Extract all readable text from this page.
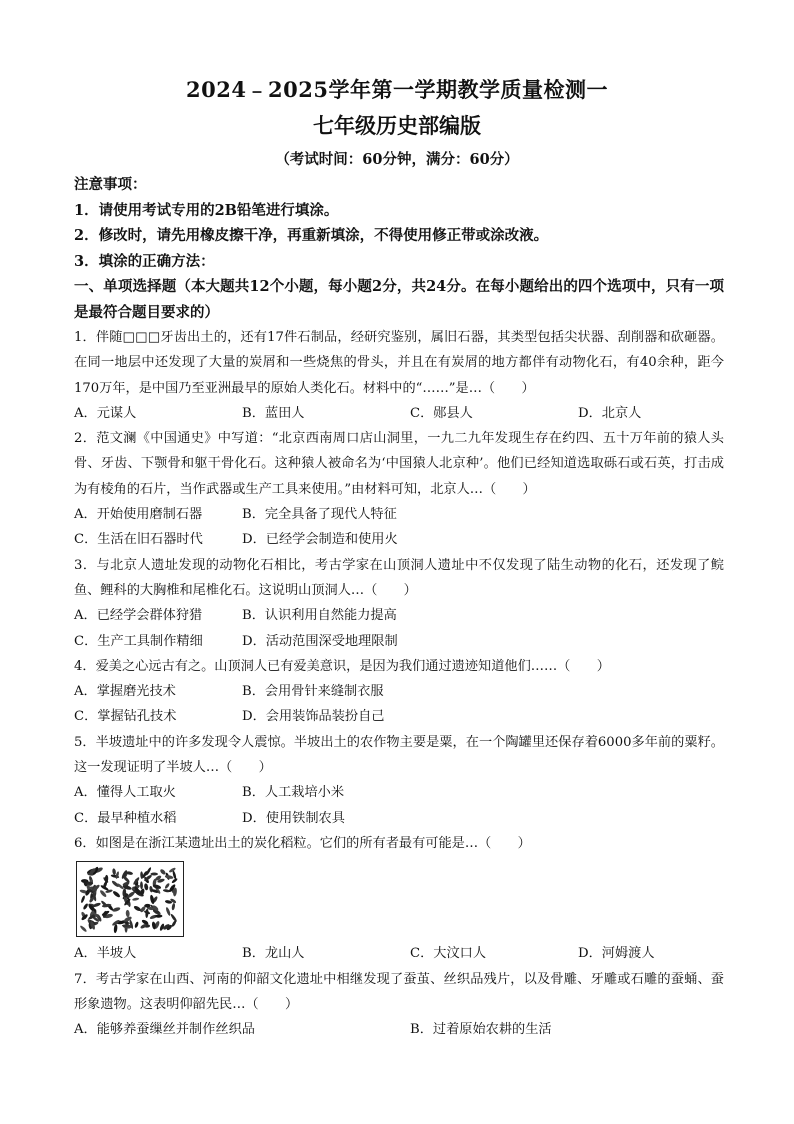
2024﹣2025学年第一学期教学质量检测一
七年级历史部编版
（考试时间：60分钟，满分：60分）
注意事项：
1．请使用考试专用的2B铅笔进行填涂。
2．修改时，请先用橡皮擦干净，再重新填涂，不得使用修正带或涂改液。
3．填涂的正确方法：
一、单项选择题（本大题共12个小题，每小题2分，共24分。在每小题给出的四个选项中，只有一项是最符合题目要求的）
1．伴随□□□牙齿出土的，还有17件石制品，经研究鉴别，属旧石器，其类型包括尖状器、刮削器和砍砸器。在同一地层中还发现了大量的炭屑和一些烧焦的骨头，并且在有炭屑的地方都伴有动物化石，有40余种，距今170万年，是中国乃至亚洲最早的原始人类化石。材料中的“……”是…（　　）
A．元谋人	B．蓝田人	C．郧县人	D．北京人
2．范文澜《中国通史》中写道：“北京西南周口店山洞里，一九二九年发现生存在约四、五十万年前的猿人头骨、牙齿、下颚骨和躯干骨化石。这种猿人被命名为‘中国猿人北京种’。他们已经知道选取砾石或石英，打击成为有棱角的石片，当作武器或生产工具来使用。”由材料可知，北京人…（　　）
A．开始使用磨制石器	B．完全具备了现代人特征
C．生活在旧石器时代	D．已经学会制造和使用火
3．与北京人遗址发现的动物化石相比，考古学家在山顶洞人遗址中不仅发现了陆生动物的化石，还发现了鲩鱼、鲤科的大胸椎和尾椎化石。这说明山顶洞人…（　　）
A．已经学会群体狩猎	B．认识利用自然能力提高
C．生产工具制作精细	D．活动范围深受地理限制
4．爱美之心远古有之。山顶洞人已有爱美意识，是因为我们通过遗迹知道他们……（　　）
A．掌握磨光技术	B．会用骨针来缝制衣服
C．掌握钻孔技术	D．会用装饰品装扮自己
5．半坡遗址中的许多发现令人震惊。半坡出土的农作物主要是粟，在一个陶罐里还保存着6000多年前的粟籽。这一发现证明了半坡人…（　　）
A．懂得人工取火	B．人工栽培小米
C．最早种植水稻	D．使用铁制农具
6．如图是在浙江某遗址出土的炭化稻粒。它们的所有者最有可能是…（　　）
A．半坡人	B．龙山人	C．大汶口人	D．河姆渡人
7．考古学家在山西、河南的仰韶文化遗址中相继发现了蚕茧、丝织品残片，以及骨雕、牙雕或石雕的蚕蛹、蚕形象遗物。这表明仰韶先民…（　　）
A．能够养蚕缫丝并制作丝织品	B．过着原始农耕的生活
